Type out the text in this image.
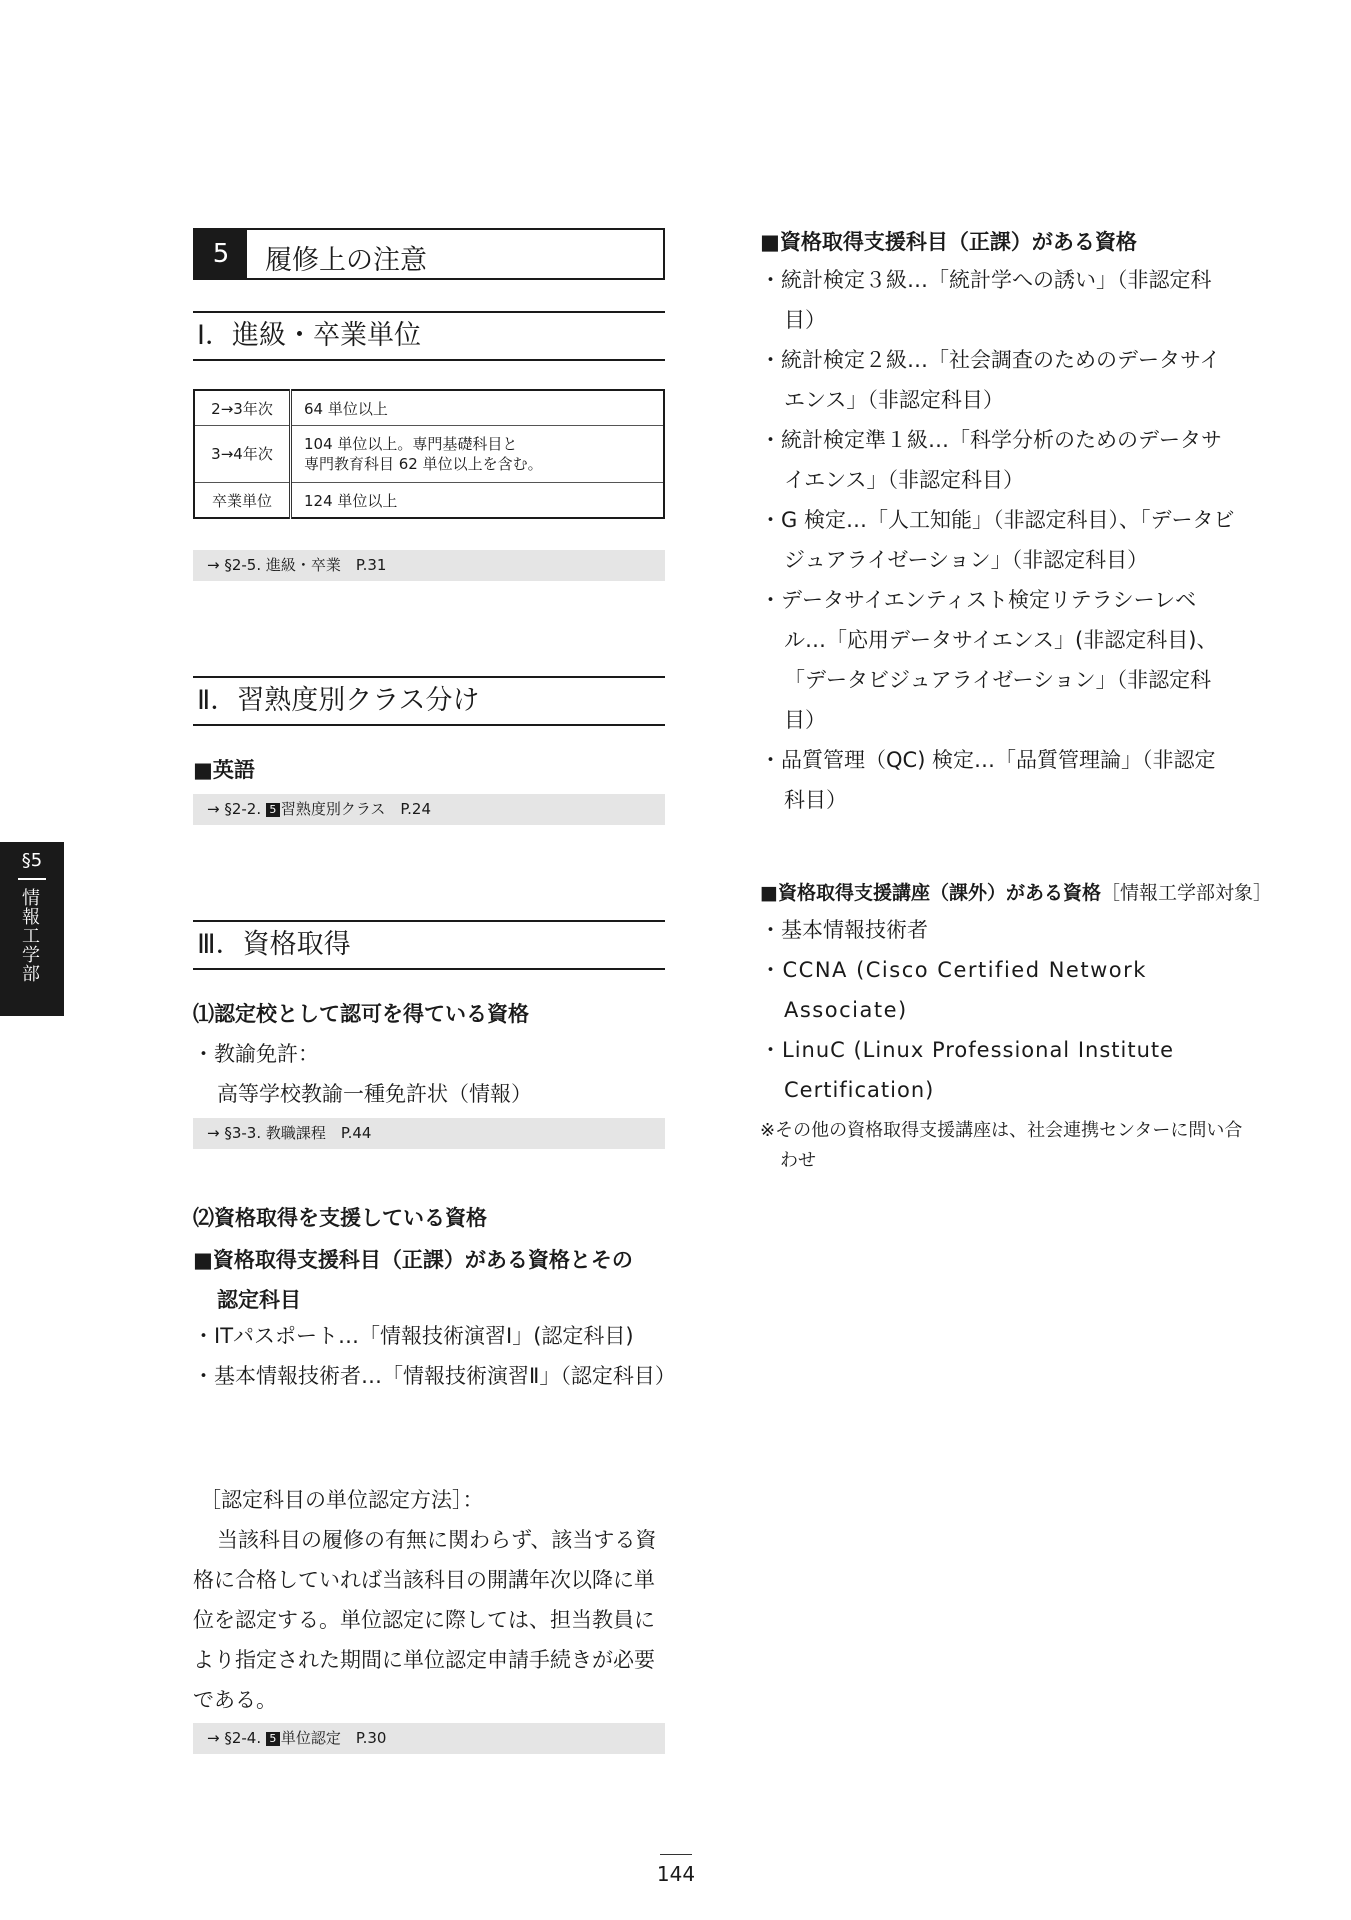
5	履修上の注意
Ⅰ．進級・卒業単位
2→3年次	64 単位以上
3→4年次	104 単位以上。専門基礎科目と
専門教育科目 62 単位以上を含む。

卒業単位	124 単位以上
→ §2-5. 進級・卒業　P.31
Ⅱ．習熟度別クラス分け
■英語
→ §2-2. 5 習熟度別クラス　P.24
Ⅲ．資格取得
⑴認定校として認可を得ている資格
・教諭免許：
高等学校教諭一種免許状（情報）
→ §3-3. 教職課程　P.44
⑵資格取得を支援している資格
■資格取得支援科目（正課）がある資格とその
認定科目
・ITパスポート…「情報技術演習Ⅰ」(認定科目)
・基本情報技術者…「情報技術演習Ⅱ」（認定科目）
［認定科目の単位認定方法］：
当該科目の履修の有無に関わらず、該当する資格に合格していれば当該科目の開講年次以降に単位を認定する。単位認定に際しては、担当教員により指定された期間に単位認定申請手続きが必要である。
→ §2-4. 5 単位認定　P.30
■資格取得支援科目（正課）がある資格
・統計検定３級…「統計学への誘い」（非認定科目）
・統計検定２級…「社会調査のためのデータサイエンス」（非認定科目）
・統計検定準１級…「科学分析のためのデータサイエンス」（非認定科目）
・G 検定…「人工知能」（非認定科目）、「データビジュアライゼーション」（非認定科目）
・データサイエンティスト検定リテラシーレベル…「応用データサイエンス」(非認定科目)、「データビジュアライゼーション」（非認定科目）
・品質管理（QC) 検定…「品質管理論」（非認定科目）
■資格取得支援講座（課外）がある資格［情報工学部対象］
・基本情報技術者
・CCNA (Cisco Certified Network Associate)
・LinuC (Linux Professional Institute Certification)
※その他の資格取得支援講座は、社会連携センターに問い合わせ
§5
情報工学部
144
